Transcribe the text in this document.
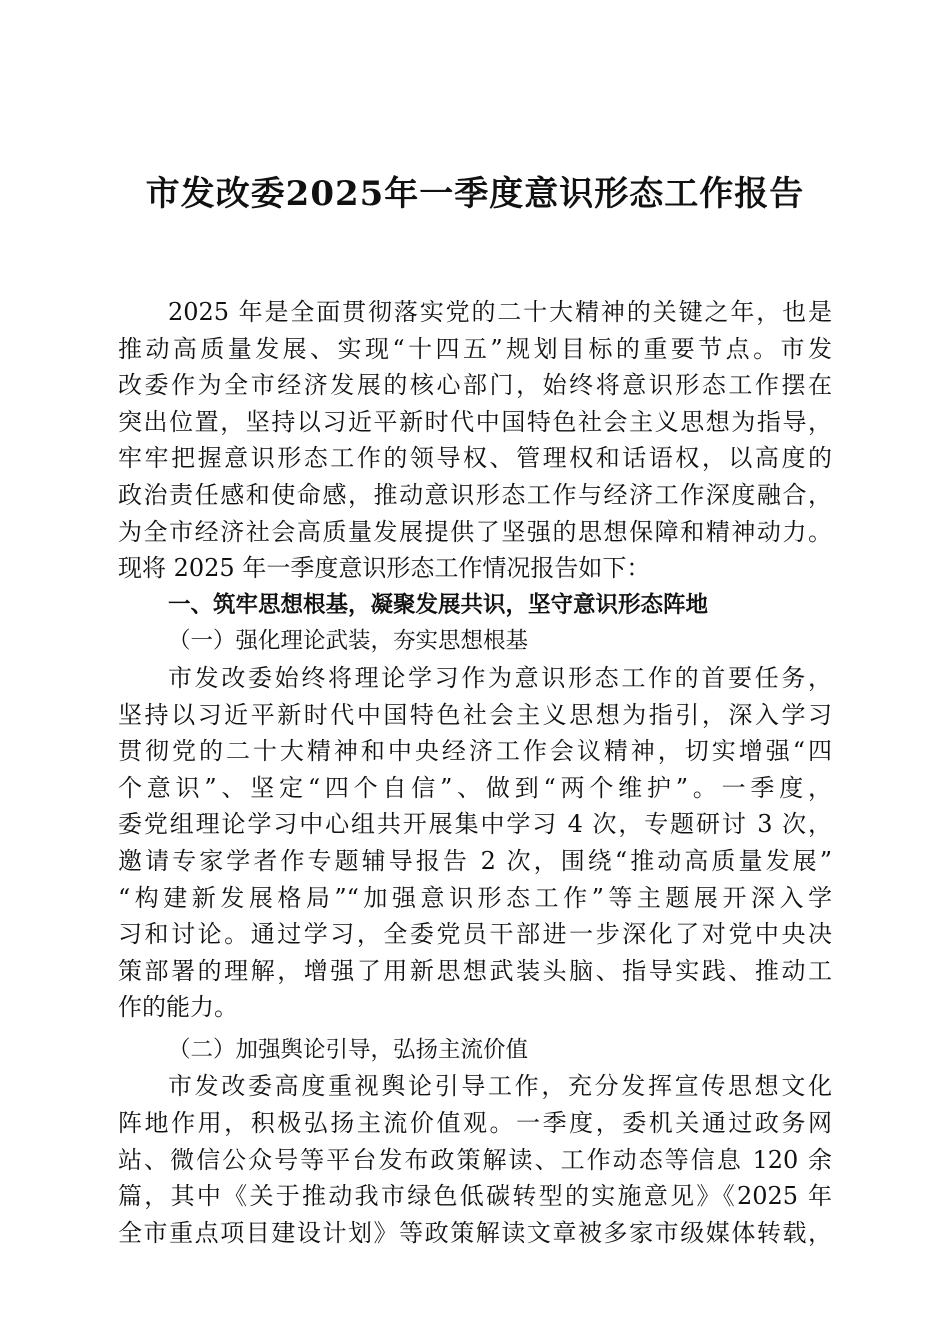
市发改委2025年一季度意识形态工作报告
2025 年是全面贯彻落实党的二十大精神的关键之年，也是
推动高质量发展、实现“十四五”规划目标的重要节点。市发
改委作为全市经济发展的核心部门，始终将意识形态工作摆在
突出位置，坚持以习近平新时代中国特色社会主义思想为指导，
牢牢把握意识形态工作的领导权、管理权和话语权，以高度的
政治责任感和使命感，推动意识形态工作与经济工作深度融合，
为全市经济社会高质量发展提供了坚强的思想保障和精神动力。
现将 2025 年一季度意识形态工作情况报告如下：
一、筑牢思想根基，凝聚发展共识，坚守意识形态阵地
（一）强化理论武装，夯实思想根基
市发改委始终将理论学习作为意识形态工作的首要任务，
坚持以习近平新时代中国特色社会主义思想为指引，深入学习
贯彻党的二十大精神和中央经济工作会议精神，切实增强“四
个意识”、坚定“四个自信”、做到“两个维护”。一季度，
委党组理论学习中心组共开展集中学习 4 次，专题研讨 3 次，
邀请专家学者作专题辅导报告 2 次，围绕“推动高质量发展”
“构建新发展格局”“加强意识形态工作”等主题展开深入学
习和讨论。通过学习，全委党员干部进一步深化了对党中央决
策部署的理解，增强了用新思想武装头脑、指导实践、推动工
作的能力。
（二）加强舆论引导，弘扬主流价值
市发改委高度重视舆论引导工作，充分发挥宣传思想文化
阵地作用，积极弘扬主流价值观。一季度，委机关通过政务网
站、微信公众号等平台发布政策解读、工作动态等信息 120 余
篇，其中《关于推动我市绿色低碳转型的实施意见》《2025 年
全市重点项目建设计划》等政策解读文章被多家市级媒体转载，
